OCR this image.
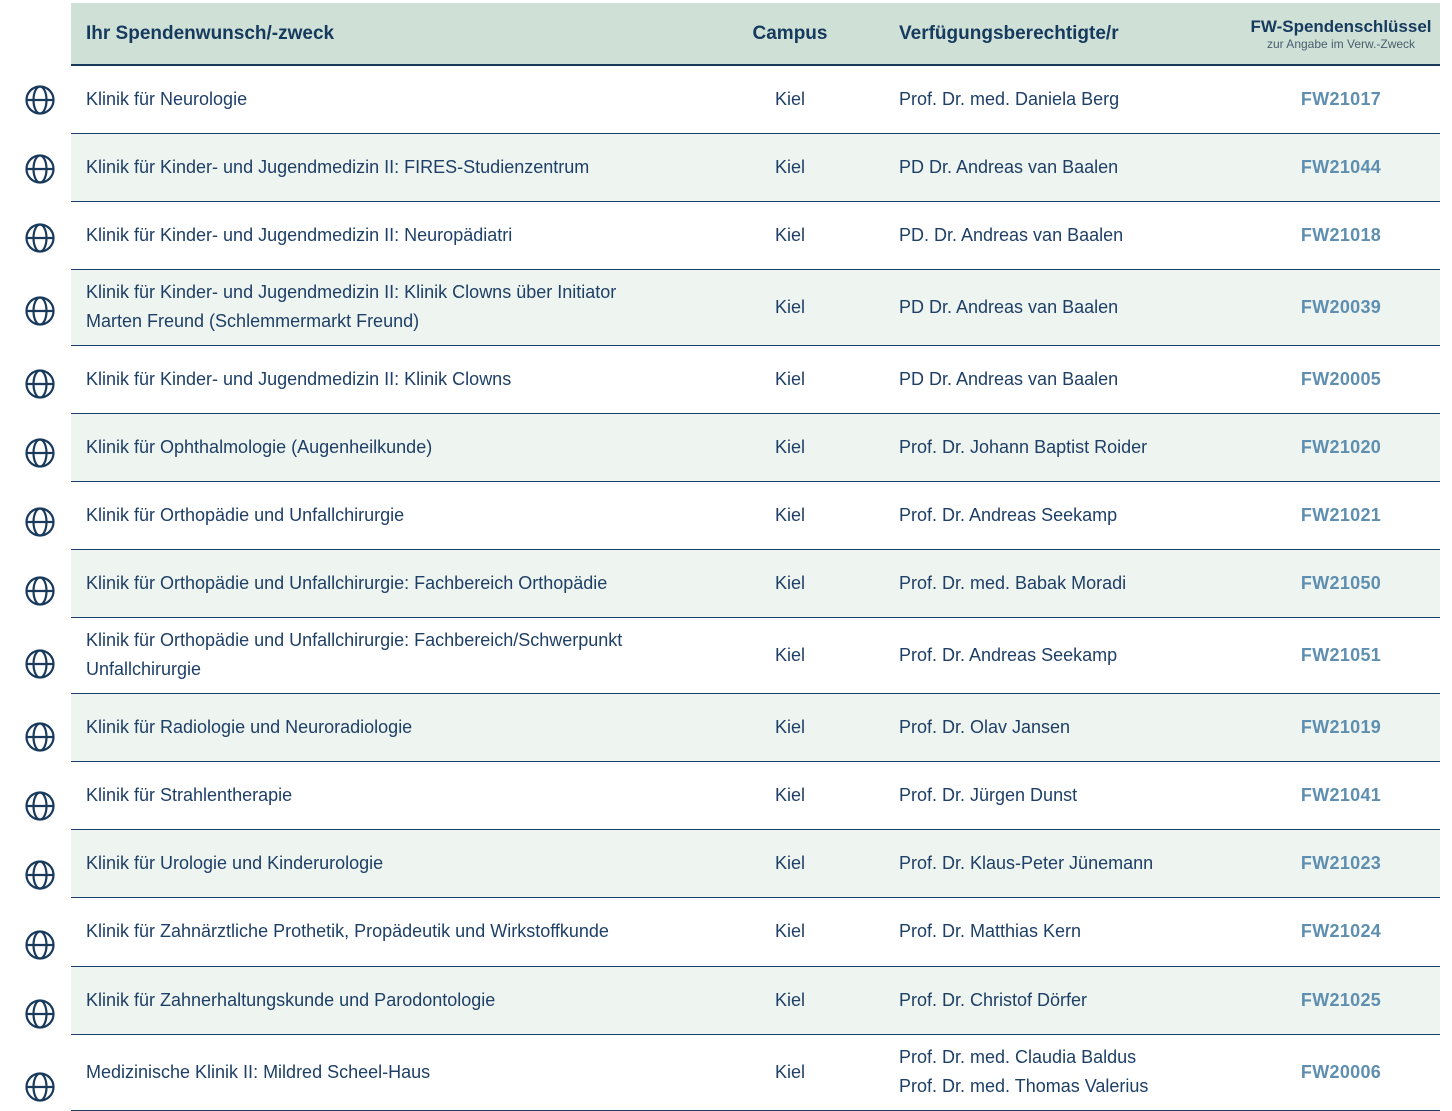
Ihr Spendenwunsch/-zweck	Campus	Verfügungsberechtigte/r	FW-Spendenschlüssel
zur Angabe im Verw.-Zweck

Klinik für Neurologie	Kiel	Prof. Dr. med. Daniela Berg	FW21017

Klinik für Kinder- und Jugendmedizin II: FIRES-Studienzentrum	Kiel	PD Dr. Andreas van Baalen	FW21044

Klinik für Kinder- und Jugendmedizin II: Neuropädiatri	Kiel	PD. Dr. Andreas van Baalen	FW21018

Klinik für Kinder- und Jugendmedizin II: Klinik Clowns über Initiator
Marten Freund (Schlemmermarkt Freund)	Kiel	PD Dr. Andreas van Baalen	FW20039

Klinik für Kinder- und Jugendmedizin II: Klinik Clowns	Kiel	PD Dr. Andreas van Baalen	FW20005

Klinik für Ophthalmologie (Augenheilkunde)	Kiel	Prof. Dr. Johann Baptist Roider	FW21020

Klinik für Orthopädie und Unfallchirurgie	Kiel	Prof. Dr. Andreas Seekamp	FW21021

Klinik für Orthopädie und Unfallchirurgie: Fachbereich Orthopädie	Kiel	Prof. Dr. med. Babak Moradi	FW21050

Klinik für Orthopädie und Unfallchirurgie: Fachbereich/Schwerpunkt
Unfallchirurgie	Kiel	Prof. Dr. Andreas Seekamp	FW21051

Klinik für Radiologie und Neuroradiologie	Kiel	Prof. Dr. Olav Jansen	FW21019

Klinik für Strahlentherapie	Kiel	Prof. Dr. Jürgen Dunst	FW21041

Klinik für Urologie und Kinderurologie	Kiel	Prof. Dr. Klaus-Peter Jünemann	FW21023

Klinik für Zahnärztliche Prothetik, Propädeutik und Wirkstoffkunde	Kiel	Prof. Dr. Matthias Kern	FW21024

Klinik für Zahnerhaltungskunde und Parodontologie	Kiel	Prof. Dr. Christof Dörfer	FW21025

Medizinische Klinik II: Mildred Scheel-Haus	Kiel	Prof. Dr. med. Claudia Baldus
Prof. Dr. med. Thomas Valerius	FW20006
